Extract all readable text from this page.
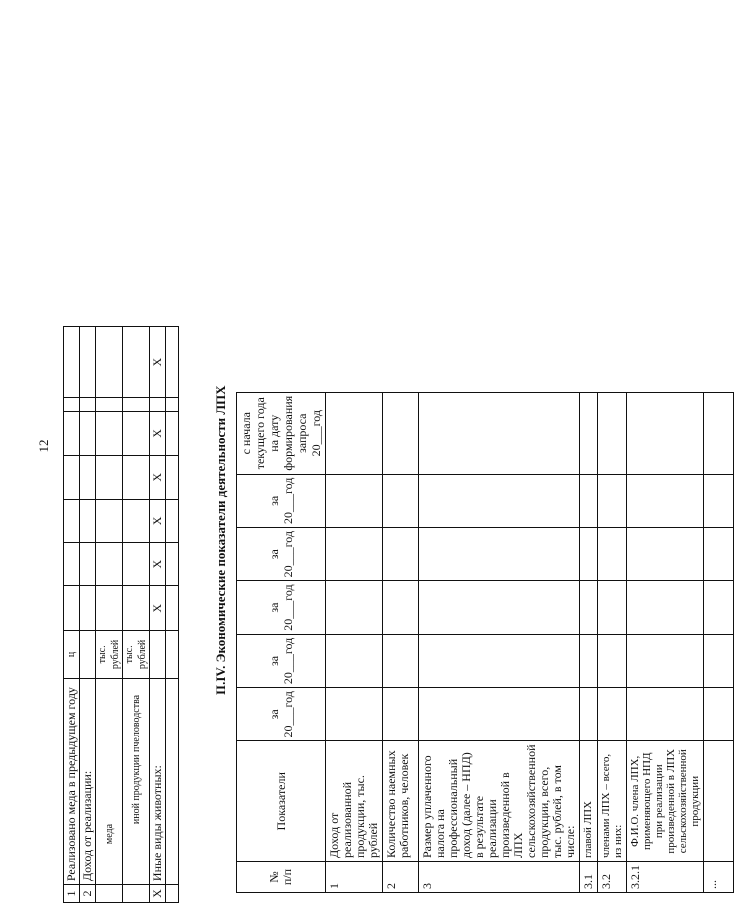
12
1	Реализовано меда в предыдущем году	ц							
2	Доход от реализации:								
	меда	тыс. рублей							
	иной продукции пчеловодства	тыс. рублей							
X	Иные виды животных:		X	X	X	X	X		X

II.IV. Экономические показатели деятельности ЛПХ
№ п/п	Показатели	за 20___год	за 20___год	за 20___год	за 20___год	за 20___год	с начала текущего года на дату формирования запроса 20___год
1	Доход от реализованной продукции, тыс. рублей						
2	Количество наемных работников, человек						
3	Размер уплаченного налога на профессиональный доход (далее – НПД) в результате реализации произведенной в ЛПХ сельскохозяйственной продукции, всего, тыс. рублей, в том числе:						
3.1	главой ЛПХ						
3.2	членами ЛПХ – всего, из них:						
3.2.1	Ф.И.О. члена ЛПХ, применяющего НПД при реализации произведенной в ЛПХ сельскохозяйственной продукции						
...							
